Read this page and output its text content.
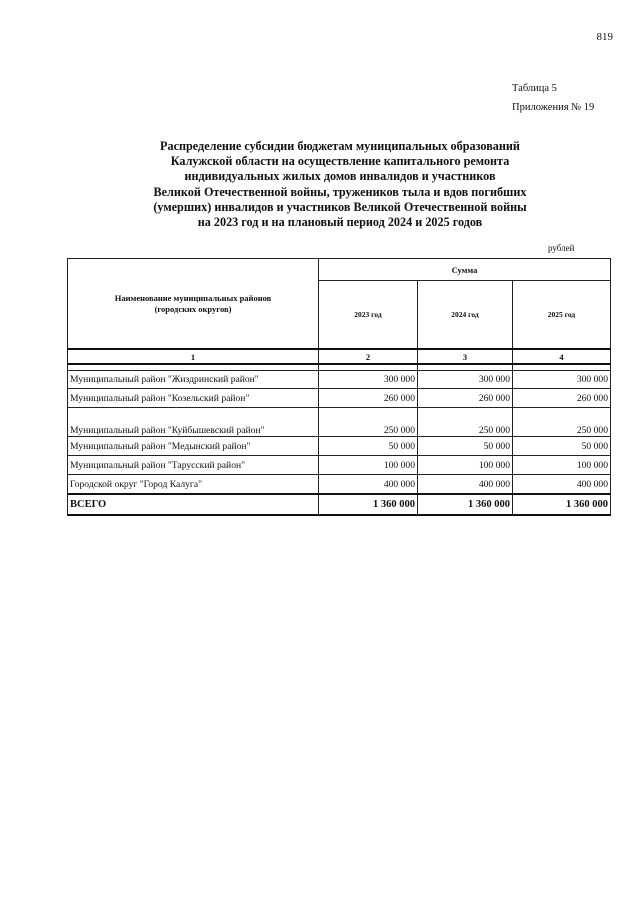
819
Таблица 5
Приложения № 19
Распределение субсидии бюджетам муниципальных образований
Калужской области на осуществление капитального ремонта
индивидуальных жилых домов инвалидов и участников
Великой Отечественной войны, тружеников тыла и вдов погибших
(умерших) инвалидов и участников Великой Отечественной войны
на 2023 год и на плановый период 2024 и 2025 годов
рублей
Наименование муниципальных районов
(городских округов)	Сумма		
	2023 год	2024 год	2025 год
1	2	3	4

Муниципальный район "Жиздринский район"	300 000	300 000	300 000
Муниципальный район "Козельский район"	260 000	260 000	260 000
Муниципальный район "Куйбышевский район"	250 000	250 000	250 000
Муниципальный район "Медынский район"	50 000	50 000	50 000
Муниципальный район "Тарусский район"	100 000	100 000	100 000
Городской округ "Город Калуга"	400 000	400 000	400 000
ВСЕГО	1 360 000	1 360 000	1 360 000
